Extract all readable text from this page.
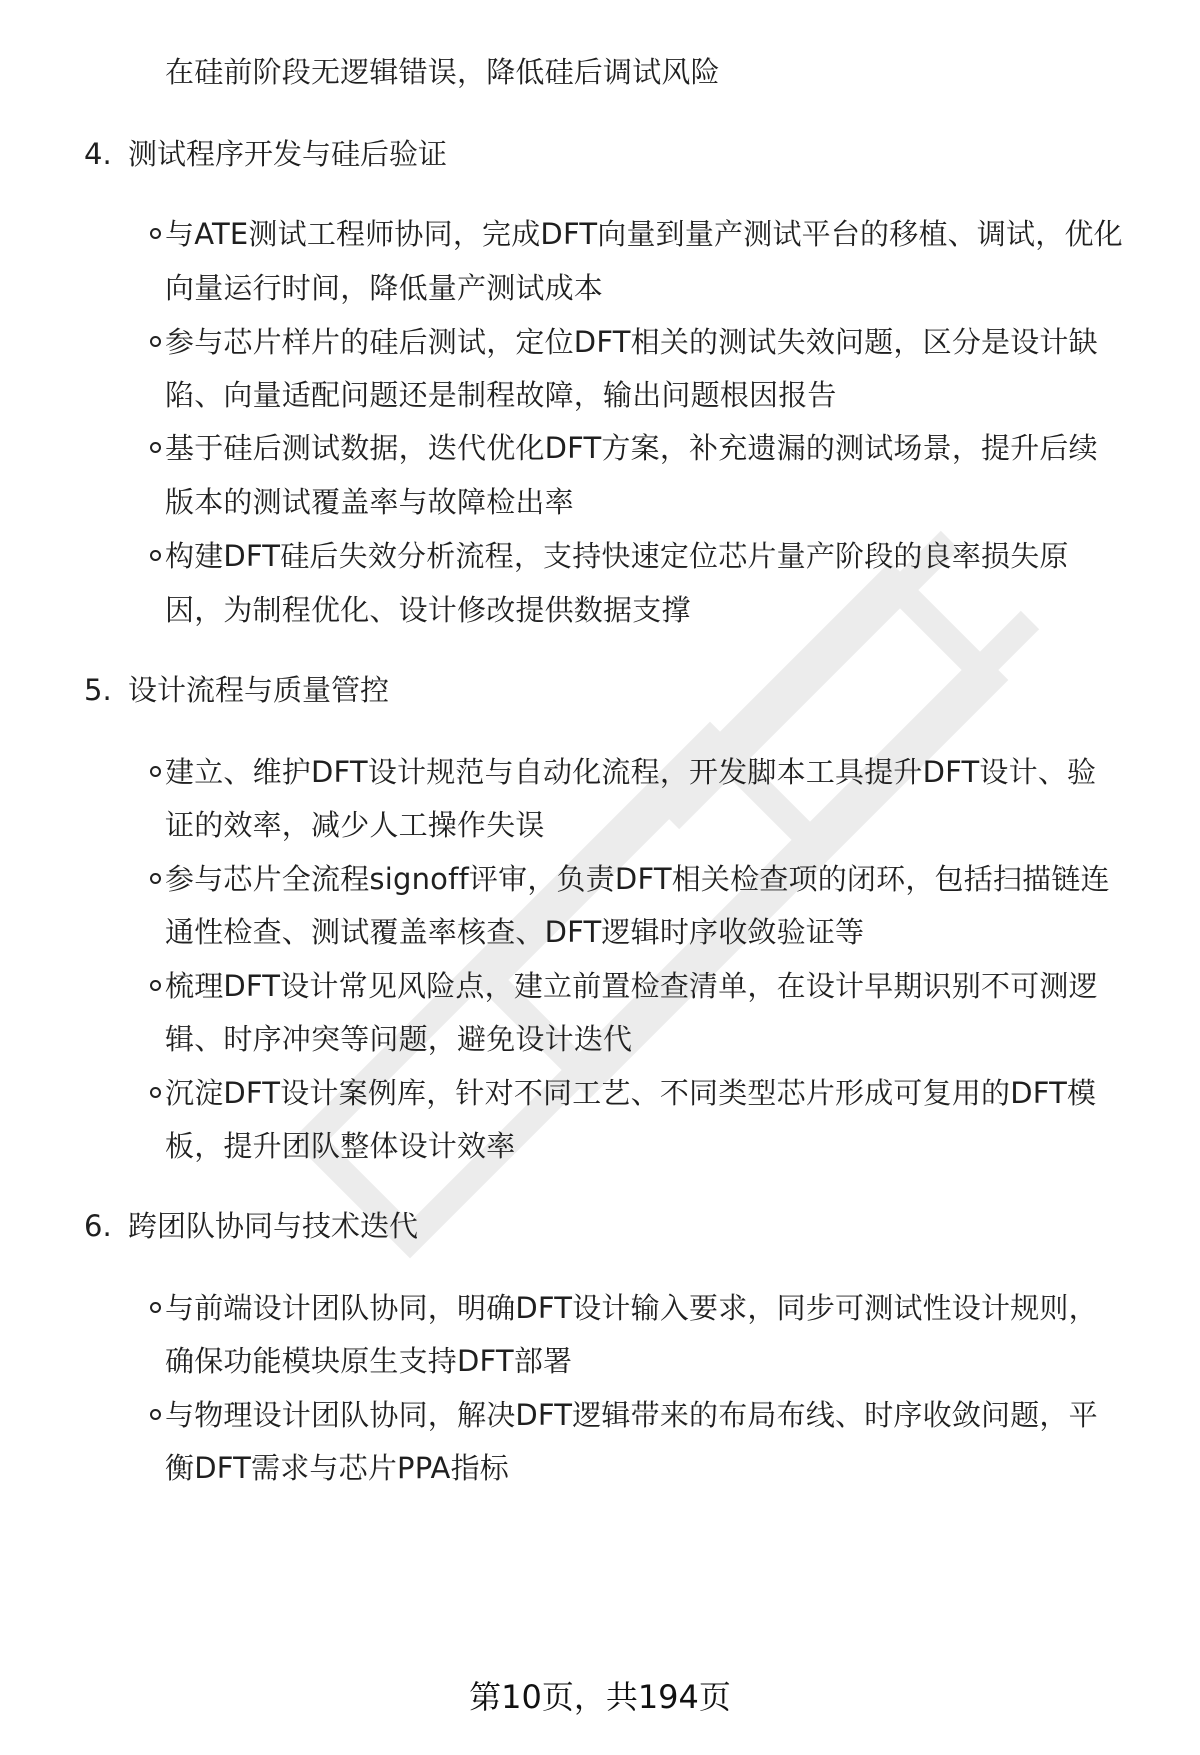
在硅前阶段无逻辑错误，降低硅后调试风险
4. 测试程序开发与硅后验证
与ATE测试工程师协同，完成DFT向量到量产测试平台的移植、调试，优化
向量运行时间，降低量产测试成本
参与芯片样片的硅后测试，定位DFT相关的测试失效问题，区分是设计缺
陷、向量适配问题还是制程故障，输出问题根因报告
基于硅后测试数据，迭代优化DFT方案，补充遗漏的测试场景，提升后续
版本的测试覆盖率与故障检出率
构建DFT硅后失效分析流程，支持快速定位芯片量产阶段的良率损失原
因，为制程优化、设计修改提供数据支撑
5. 设计流程与质量管控
建立、维护DFT设计规范与自动化流程，开发脚本工具提升DFT设计、验
证的效率，减少人工操作失误
参与芯片全流程signoff评审，负责DFT相关检查项的闭环，包括扫描链连
通性检查、测试覆盖率核查、DFT逻辑时序收敛验证等
梳理DFT设计常见风险点，建立前置检查清单，在设计早期识别不可测逻
辑、时序冲突等问题，避免设计迭代
沉淀DFT设计案例库，针对不同工艺、不同类型芯片形成可复用的DFT模
板，提升团队整体设计效率
6. 跨团队协同与技术迭代
与前端设计团队协同，明确DFT设计输入要求，同步可测试性设计规则，
确保功能模块原生支持DFT部署
与物理设计团队协同，解决DFT逻辑带来的布局布线、时序收敛问题，平
衡DFT需求与芯片PPA指标
第10页，共194页
